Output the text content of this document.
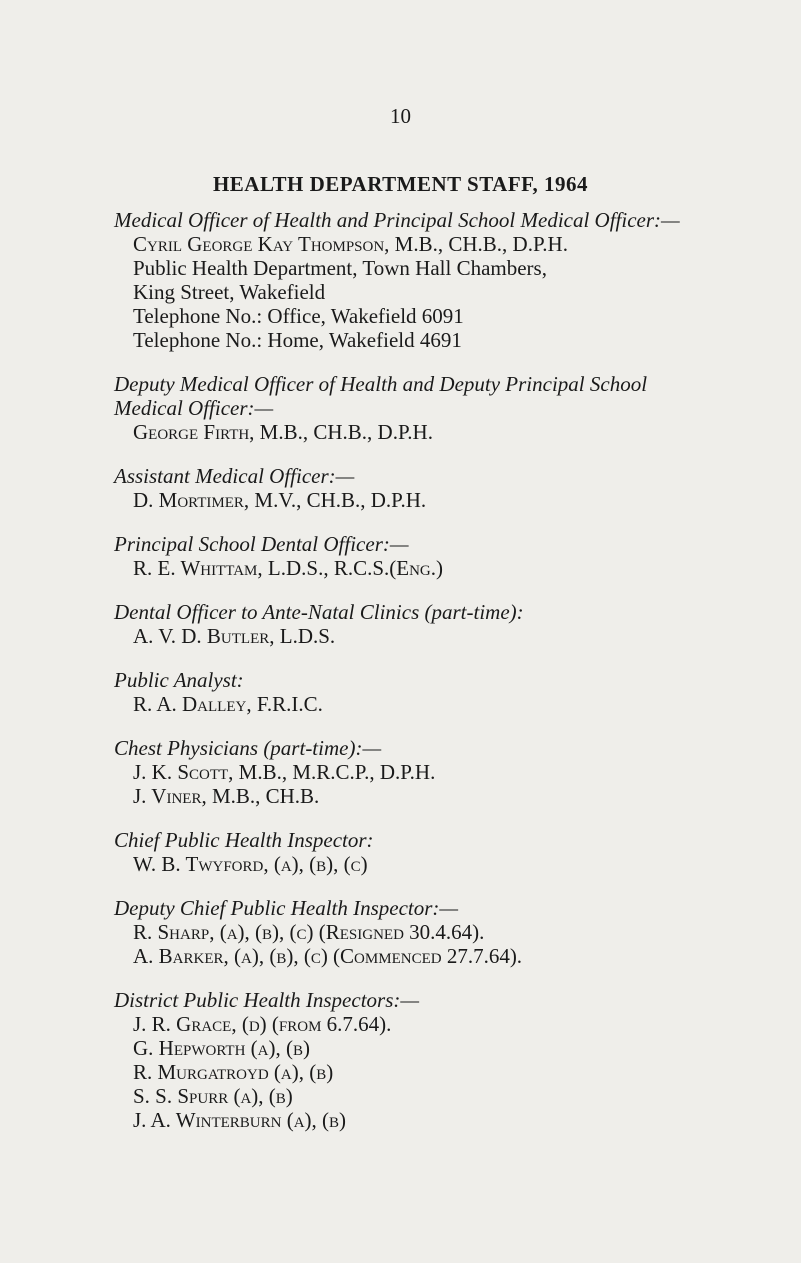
10
HEALTH DEPARTMENT STAFF, 1964

Medical Officer of Health and Principal School Medical Officer:—

Cyril George Kay Thompson, M.B., CH.B., D.P.H.

Public Health Department, Town Hall Chambers,

King Street, Wakefield

Telephone No.: Office, Wakefield 6091

Telephone No.: Home, Wakefield 4691

Deputy Medical Officer of Health and Deputy Principal School

Medical Officer:—

George Firth, M.B., CH.B., D.P.H.

Assistant Medical Officer:—

D. Mortimer, M.V., CH.B., D.P.H.

Principal School Dental Officer:—

R. E. Whittam, L.D.S., R.C.S.(Eng.)

Dental Officer to Ante-Natal Clinics (part-time):

A. V. D. Butler, L.D.S.

Public Analyst:

R. A. Dalley, F.R.I.C.

Chest Physicians (part-time):—

J. K. Scott, M.B., M.R.C.P., D.P.H.

J. Viner, M.B., CH.B.

Chief Public Health Inspector:

W. B. Twyford, (a), (b), (c)

Deputy Chief Public Health Inspector:—

R. Sharp, (a), (b), (c) (Resigned 30.4.64).

A. Barker, (a), (b), (c) (Commenced 27.7.64).

District Public Health Inspectors:—

J. R. Grace, (d) (from 6.7.64).

G. Hepworth (a), (b)

R. Murgatroyd (a), (b)

S. S. Spurr (a), (b)

J. A. Winterburn (a), (b)
